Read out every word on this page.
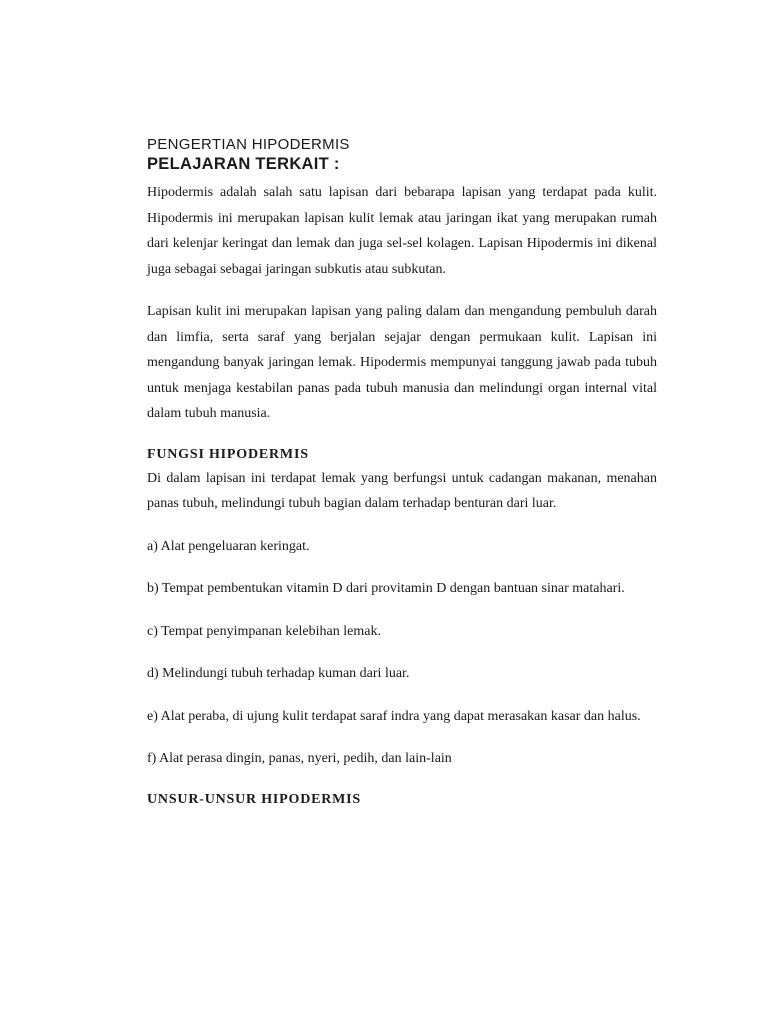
PENGERTIAN HIPODERMIS
PELAJARAN TERKAIT :

Hipodermis adalah salah satu lapisan dari bebarapa lapisan yang terdapat pada kulit. Hipodermis ini merupakan lapisan kulit lemak atau jaringan ikat yang merupakan rumah dari kelenjar keringat dan lemak dan juga sel-sel kolagen. Lapisan Hipodermis ini dikenal juga sebagai sebagai jaringan subkutis atau subkutan.

Lapisan kulit ini merupakan lapisan yang paling dalam dan mengandung pembuluh darah dan limfia, serta saraf yang berjalan sejajar dengan permukaan kulit. Lapisan ini mengandung banyak jaringan lemak. Hipodermis mempunyai tanggung jawab pada tubuh untuk menjaga kestabilan panas pada tubuh manusia dan melindungi organ internal vital dalam tubuh manusia.

FUNGSI HIPODERMIS

Di dalam lapisan ini terdapat lemak yang berfungsi untuk cadangan makanan, menahan panas tubuh, melindungi tubuh bagian dalam terhadap benturan dari luar.

a) Alat pengeluaran keringat.

b) Tempat pembentukan vitamin D dari provitamin D dengan bantuan sinar matahari.

c) Tempat penyimpanan kelebihan lemak.

d) Melindungi tubuh terhadap kuman dari luar.

e) Alat peraba, di ujung kulit terdapat saraf indra yang dapat merasakan kasar dan halus.

f) Alat perasa dingin, panas, nyeri, pedih, dan lain-lain

UNSUR-UNSUR HIPODERMIS
